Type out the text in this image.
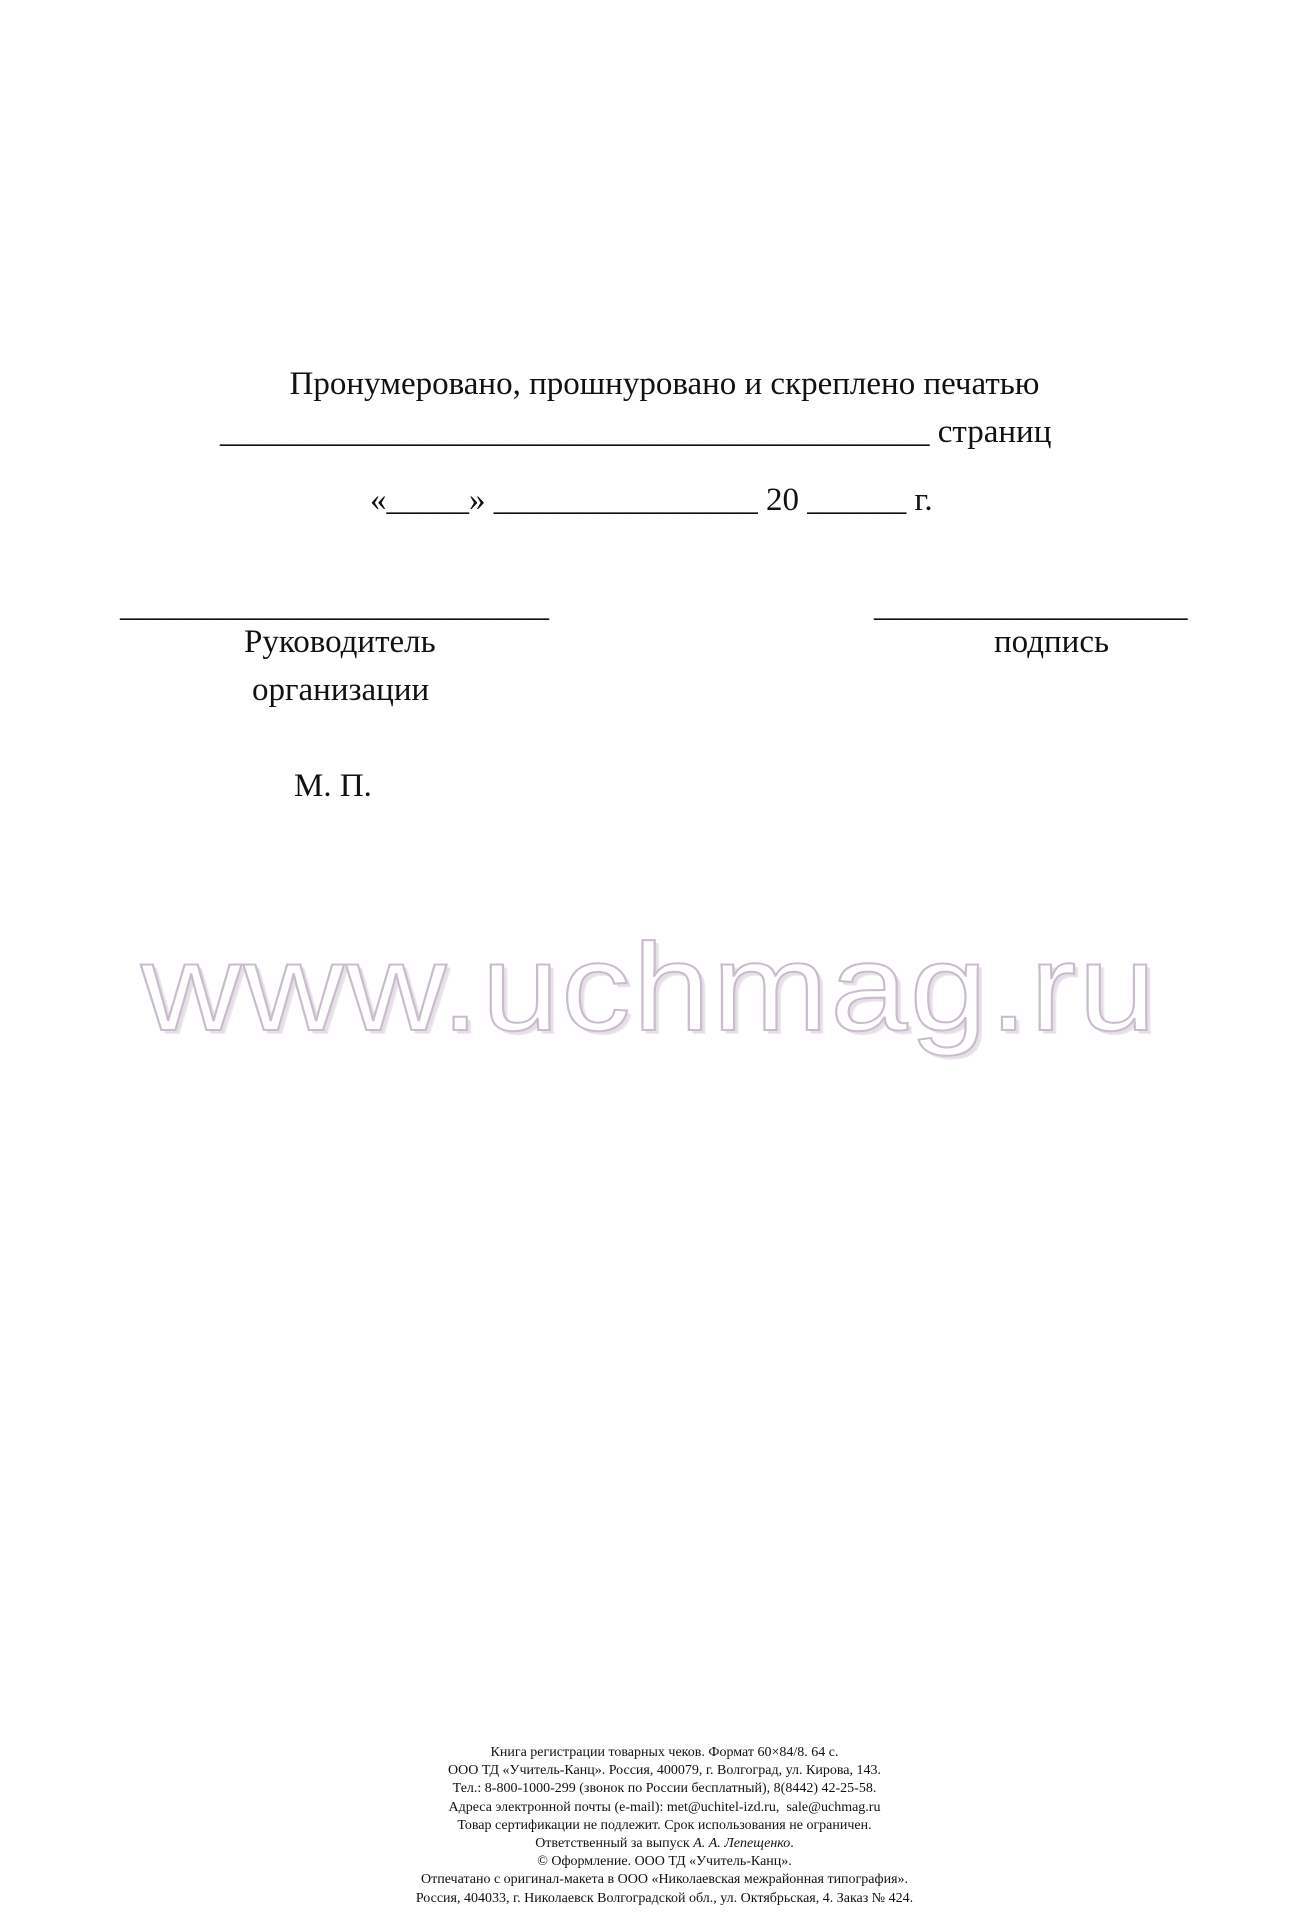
Пронумеровано, прошнуровано и скреплено печатью
___________________________________________ страниц
«_____» ________________ 20 ______ г.
__________________________	___________________
Руководитель
организации
подпись
М. П.
www.uchmag.ru
Книга регистрации товарных чеков. Формат 60×84/8. 64 с.
ООО ТД «Учитель-Канц». Россия, 400079, г. Волгоград, ул. Кирова, 143.
Тел.: 8-800-1000-299 (звонок по России бесплатный), 8(8442) 42-25-58.
Адреса электронной почты (e-mail): met@uchitel-izd.ru,  sale@uchmag.ru
Товар сертификации не подлежит. Срок использования не ограничен.
Ответственный за выпуск А. А. Лепещенко.
© Оформление. ООО ТД «Учитель-Канц».
Отпечатано с оригинал-макета в ООО «Николаевская межрайонная типография».
Россия, 404033, г. Николаевск Волгоградской обл., ул. Октябрьская, 4. Заказ № 424.
